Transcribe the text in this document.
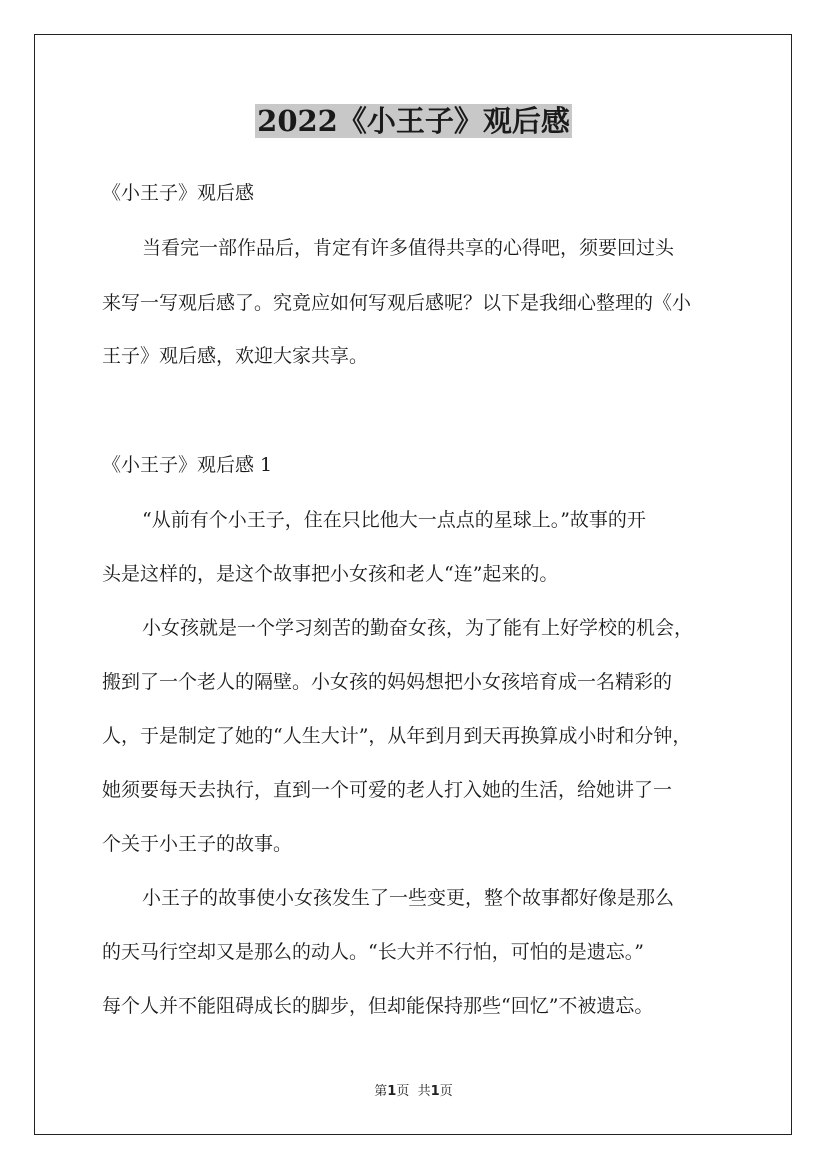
2022《小王子》观后感

《小王子》观后感

当看完一部作品后，肯定有许多值得共享的心得吧，须要回过头

来写一写观后感了。究竟应如何写观后感呢？以下是我细心整理的《小

王子》观后感，欢迎大家共享。

《小王子》观后感 1

“从前有个小王子，住在只比他大一点点的星球上。”故事的开

头是这样的，是这个故事把小女孩和老人“连”起来的。

小女孩就是一个学习刻苦的勤奋女孩，为了能有上好学校的机会，

搬到了一个老人的隔壁。小女孩的妈妈想把小女孩培育成一名精彩的

人，于是制定了她的“人生大计”，从年到月到天再换算成小时和分钟，

她须要每天去执行，直到一个可爱的老人打入她的生活，给她讲了一

个关于小王子的故事。

小王子的故事使小女孩发生了一些变更，整个故事都好像是那么

的天马行空却又是那么的动人。“长大并不行怕，可怕的是遗忘。”

每个人并不能阻碍成长的脚步，但却能保持那些“回忆”不被遗忘。

第1页 共1页
